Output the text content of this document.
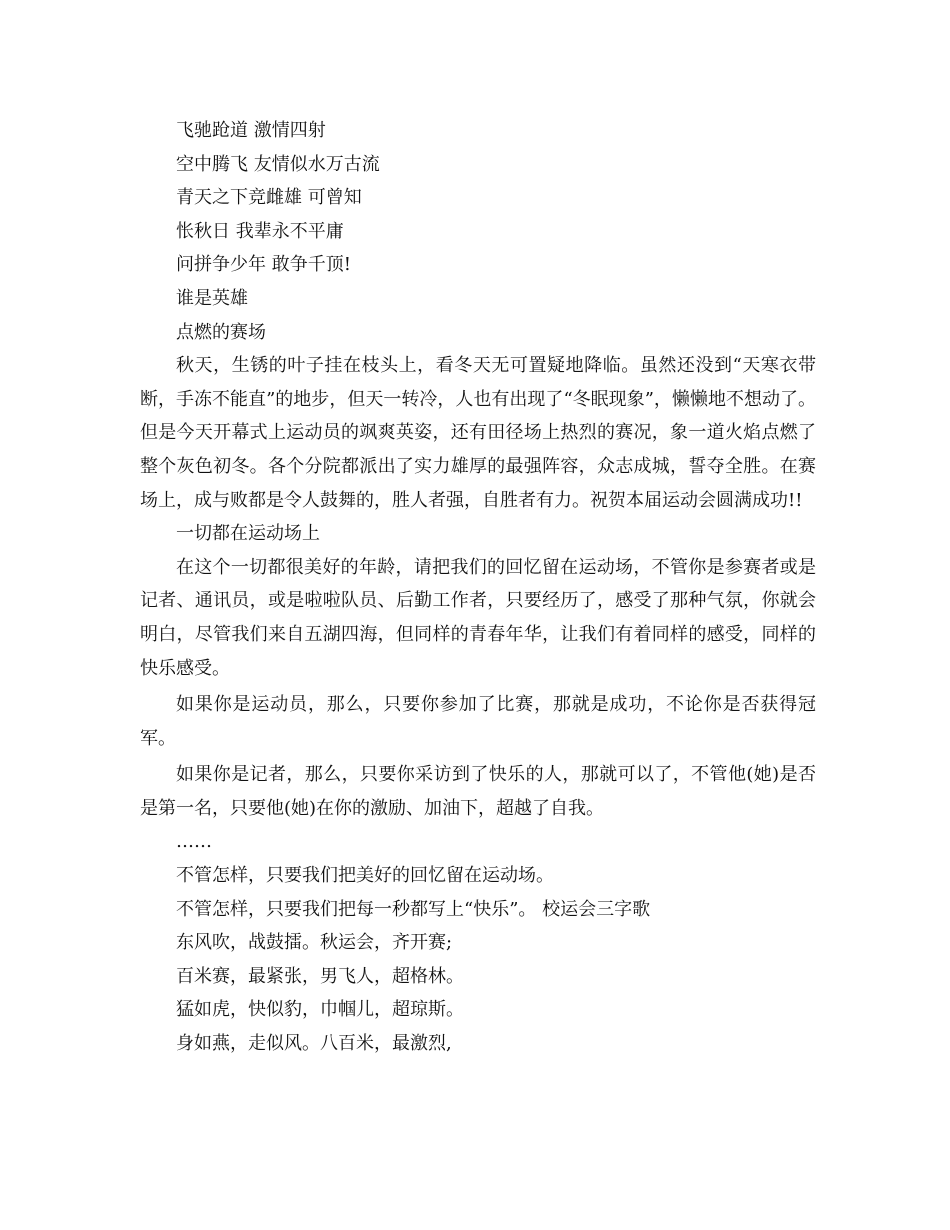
飞驰跄道 激情四射
空中腾飞 友情似水万古流
青天之下竞雌雄 可曾知
怅秋日 我辈永不平庸
问拼争少年 敢争千顶!
谁是英雄
点燃的赛场

秋天，生锈的叶子挂在枝头上，看冬天无可置疑地降临。虽然还没到“天寒衣带断，手冻不能直”的地步，但天一转冷，人也有出现了“冬眠现象”，懒懒地不想动了。但是今天开幕式上运动员的飒爽英姿，还有田径场上热烈的赛况，象一道火焰点燃了整个灰色初冬。各个分院都派出了实力雄厚的最强阵容，众志成城，誓夺全胜。在赛场上，成与败都是令人鼓舞的，胜人者强，自胜者有力。祝贺本届运动会圆满成功!!

一切都在运动场上

在这个一切都很美好的年龄，请把我们的回忆留在运动场，不管你是参赛者或是记者、通讯员，或是啦啦队员、后勤工作者，只要经历了，感受了那种气氛，你就会明白，尽管我们来自五湖四海，但同样的青春年华，让我们有着同样的感受，同样的快乐感受。

如果你是运动员，那么，只要你参加了比赛，那就是成功，不论你是否获得冠军。

如果你是记者，那么，只要你采访到了快乐的人，那就可以了，不管他(她)是否是第一名，只要他(她)在你的激励、加油下，超越了自我。

……
不管怎样，只要我们把美好的回忆留在运动场。
不管怎样，只要我们把每一秒都写上“快乐”。 校运会三字歌
东风吹，战鼓擂。秋运会，齐开赛;
百米赛，最紧张，男飞人，超格林。
猛如虎，快似豹，巾帼儿，超琼斯。
身如燕，走似风。八百米，最激烈,
